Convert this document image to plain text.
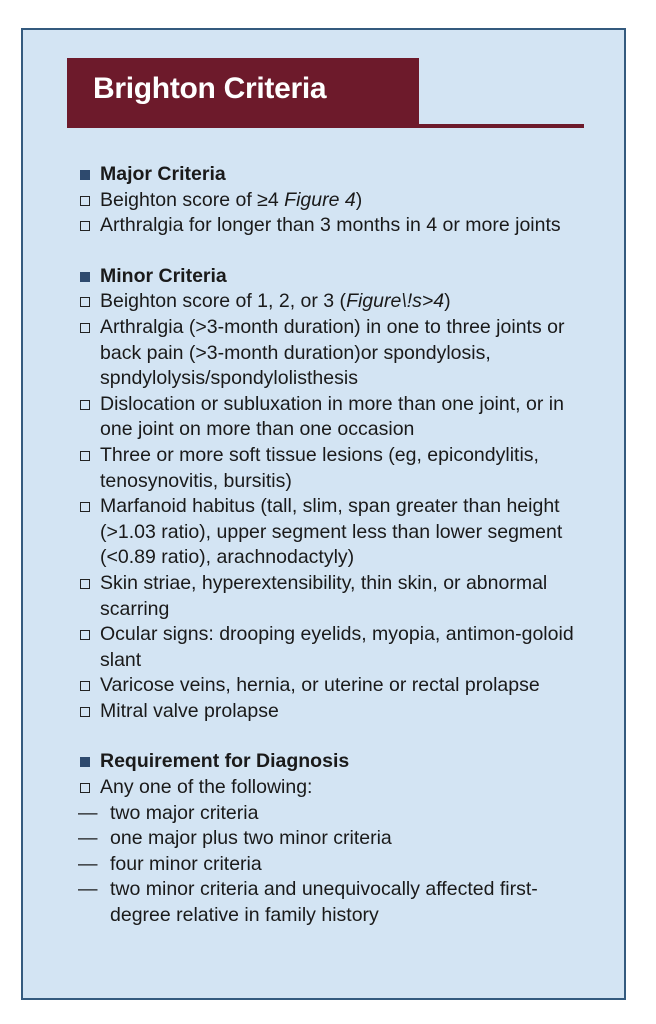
Brighton Criteria
Major Criteria
Beighton score of ≥4 Figure 4)
Arthralgia for longer than 3 months in 4 or more joints
Minor Criteria
Beighton score of 1, 2, or 3 (Figure\!s>4)
Arthralgia (>3-month duration) in one to three joints or back pain (>3-month duration)or spondylosis, spndylolysis/spondylolisthesis
Dislocation or subluxation in more than one joint, or in one joint on more than one occasion
Three or more soft tissue lesions (eg, epicondylitis, tenosynovitis, bursitis)
Marfanoid habitus (tall, slim, span greater than height (>1.03 ratio), upper segment less than lower segment (<0.89 ratio), arachnodactyly)
Skin striae, hyperextensibility, thin skin, or abnormal scarring
Ocular signs: drooping eyelids, myopia, antimon-goloid slant
Varicose veins, hernia, or uterine or rectal prolapse
Mitral valve prolapse
Requirement for Diagnosis
Any one of the following:
— two major criteria
— one major plus two minor criteria
— four minor criteria
— two minor criteria and unequivocally affected first-degree relative in family history
